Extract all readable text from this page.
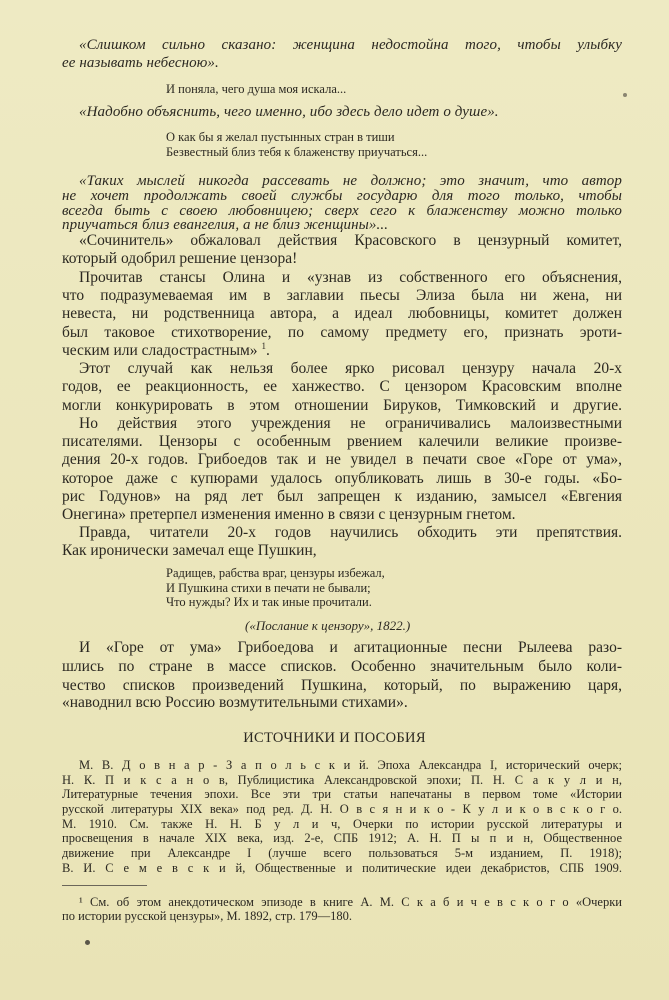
«Слишком сильно сказано: женщина недостойна того, чтобы улыбку
ее называть небесною».
И поняла, чего душа моя искала...
«Надобно объяснить, чего именно, ибо здесь дело идет о душе».
О как бы я желал пустынных стран в тиши
Безвестный близ тебя к блаженству приучаться...
«Таких мыслей никогда рассевать не должно; это значит, что автор
не хочет продолжать своей службы государю для того только, чтобы
всегда быть с своею любовницею; сверх сего к блаженству можно только
приучаться близ евангелия, а не близ женщины»...
«Сочинитель» обжаловал действия Красовского в цензурный комитет,
который одобрил решение цензора!
Прочитав стансы Олина и «узнав из собственного его объяснения,
что подразумеваемая им в заглавии пьесы Элиза была ни жена, ни
невеста, ни родственница автора, а идеал любовницы, комитет должен
был таковое стихотворение, по самому предмету его, признать эроти-
ческим или сладострастным» $^1$.
Этот случай как нельзя более ярко рисовал цензуру начала 20-х
годов, ее реакционность, ее ханжество. С цензором Красовским вполне
могли конкурировать в этом отношении Бируков, Тимковский и другие.
Но действия этого учреждения не ограничивались малоизвестными
писателями. Цензоры с особенным рвением калечили великие произве-
дения 20-х годов. Грибоедов так и не увидел в печати свое «Горе от ума»,
которое даже с купюрами удалось опубликовать лишь в 30-е годы. «Бо-
рис Годунов» на ряд лет был запрещен к изданию, замысел «Евгения
Онегина» претерпел изменения именно в связи с цензурным гнетом.
Правда, читатели 20-х годов научились обходить эти препятствия.
Как иронически замечал еще Пушкин,
Радищев, рабства враг, цензуры избежал,
И Пушкина стихи в печати не бывали;
Что нужды? Их и так иные прочитали.
(«Послание к цензору», 1822.)
И «Горе от ума» Грибоедова и агитационные песни Рылеева разо-
шлись по стране в массе списков. Особенно значительным было коли-
чество списков произведений Пушкина, который, по выражению царя,
«наводнил всю Россию возмутительными стихами».
ИСТОЧНИКИ И ПОСОБИЯ
М. В. Д о в н а р - З а п о л ь с к и й. Эпоха Александра I, исторический очерк;
Н. К. П и к с а н о в, Публицистика Александровской эпохи; П. Н. С а к у л и н,
Литературные течения эпохи. Все эти три статьи напечатаны в первом томе «Истории
русской литературы XIX века» под ред. Д. Н. О в с я н и к о - К у л и к о в с к о г о.
М. 1910. См. также Н. Н. Б у л и ч, Очерки по истории русской литературы и
просвещения в начале XIX века, изд. 2-е, СПБ 1912; А. Н. П ы п и н, Общественное
движение при Александре I (лучше всего пользоваться 5-м изданием, П. 1918);
В. И. С е м е в с к и й, Общественные и политические идеи декабристов, СПБ 1909.
¹ См. об этом анекдотическом эпизоде в книге А. М. С к а б и ч е в с к о г о «Очерки
по истории русской цензуры», М. 1892, стр. 179—180.
